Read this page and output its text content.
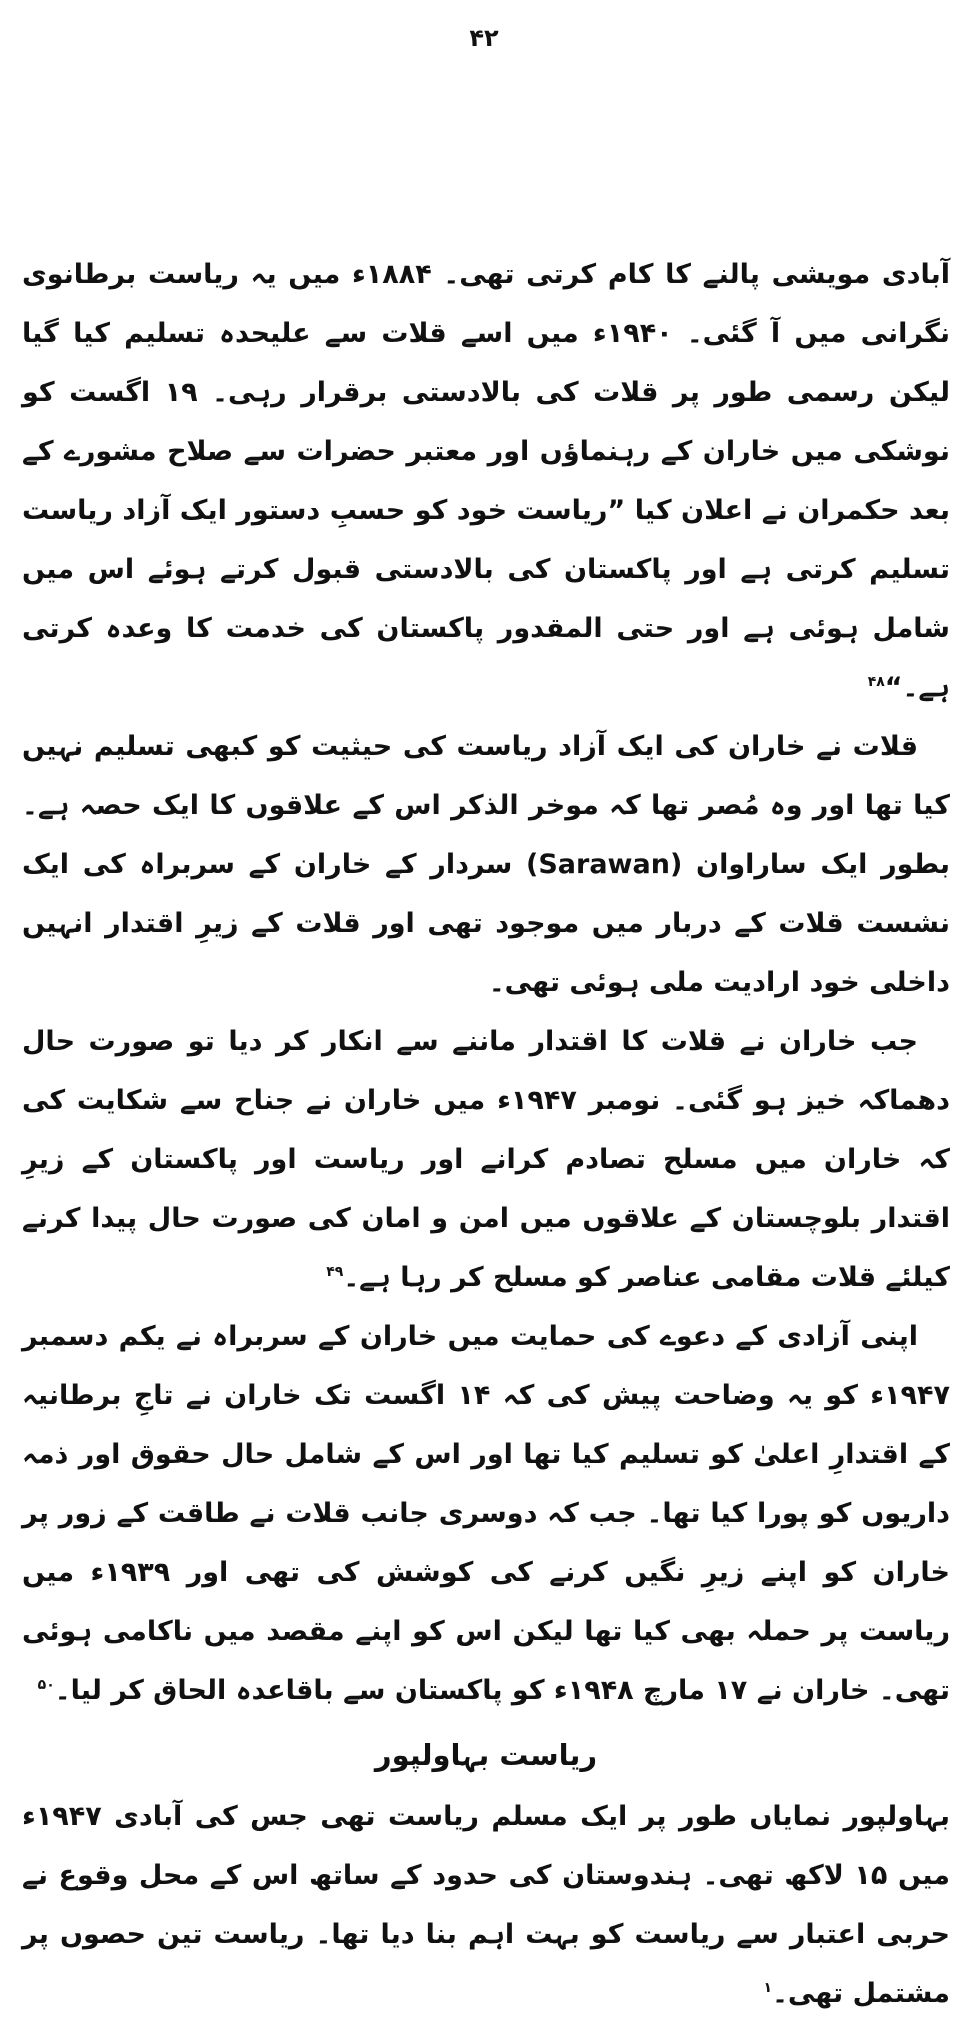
۴۲

آبادی مویشی پالنے کا کام کرتی تھی۔ ۱۸۸۴ء میں یہ ریاست برطانوی نگرانی میں آ گئی۔ ۱۹۴۰ء میں اسے قلات سے علیحدہ تسلیم کیا گیا لیکن رسمی طور پر قلات کی بالادستی برقرار رہی۔ ۱۹ اگست کو نوشکی میں خاران کے رہنماؤں اور معتبر حضرات سے صلاح مشورے کے بعد حکمران نے اعلان کیا ”ریاست خود کو حسبِ دستور ایک آزاد ریاست تسلیم کرتی ہے اور پاکستان کی بالادستی قبول کرتے ہوئے اس میں شامل ہوئی ہے اور حتی المقدور پاکستان کی خدمت کا وعدہ کرتی ہے۔“$^{۴۸}$

قلات نے خاران کی ایک آزاد ریاست کی حیثیت کو کبھی تسلیم نہیں کیا تھا اور وہ مُصر تھا کہ موخر الذکر اس کے علاقوں کا ایک حصہ ہے۔ بطور ایک ساراوان (Sarawan) سردار کے خاران کے سربراہ کی ایک نشست قلات کے دربار میں موجود تھی اور قلات کے زیرِ اقتدار انہیں داخلی خود ارادیت ملی ہوئی تھی۔

جب خاران نے قلات کا اقتدار ماننے سے انکار کر دیا تو صورت حال دھماکہ خیز ہو گئی۔ نومبر ۱۹۴۷ء میں خاران نے جناح سے شکایت کی کہ خاران میں مسلح تصادم کرانے اور ریاست اور پاکستان کے زیرِ اقتدار بلوچستان کے علاقوں میں امن و امان کی صورت حال پیدا کرنے کیلئے قلات مقامی عناصر کو مسلح کر رہا ہے۔$^{۴۹}$

اپنی آزادی کے دعوے کی حمایت میں خاران کے سربراہ نے یکم دسمبر ۱۹۴۷ء کو یہ وضاحت پیش کی کہ ۱۴ اگست تک خاران نے تاجِ برطانیہ کے اقتدارِ اعلیٰ کو تسلیم کیا تھا اور اس کے شامل حال حقوق اور ذمہ داریوں کو پورا کیا تھا۔ جب کہ دوسری جانب قلات نے طاقت کے زور پر خاران کو اپنے زیرِ نگیں کرنے کی کوشش کی تھی اور ۱۹۳۹ء میں ریاست پر حملہ بھی کیا تھا لیکن اس کو اپنے مقصد میں ناکامی ہوئی تھی۔ خاران نے ۱۷ مارچ ۱۹۴۸ء کو پاکستان سے باقاعدہ الحاق کر لیا۔$^{۵۰}$

ریاست بہاولپور

بہاولپور نمایاں طور پر ایک مسلم ریاست تھی جس کی آبادی ۱۹۴۷ء میں ۱۵ لاکھ تھی۔ ہندوستان کی حدود کے ساتھ اس کے محل وقوع نے حربی اعتبار سے ریاست کو بہت اہم بنا دیا تھا۔ ریاست تین حصوں پر مشتمل تھی۔$^۱$
